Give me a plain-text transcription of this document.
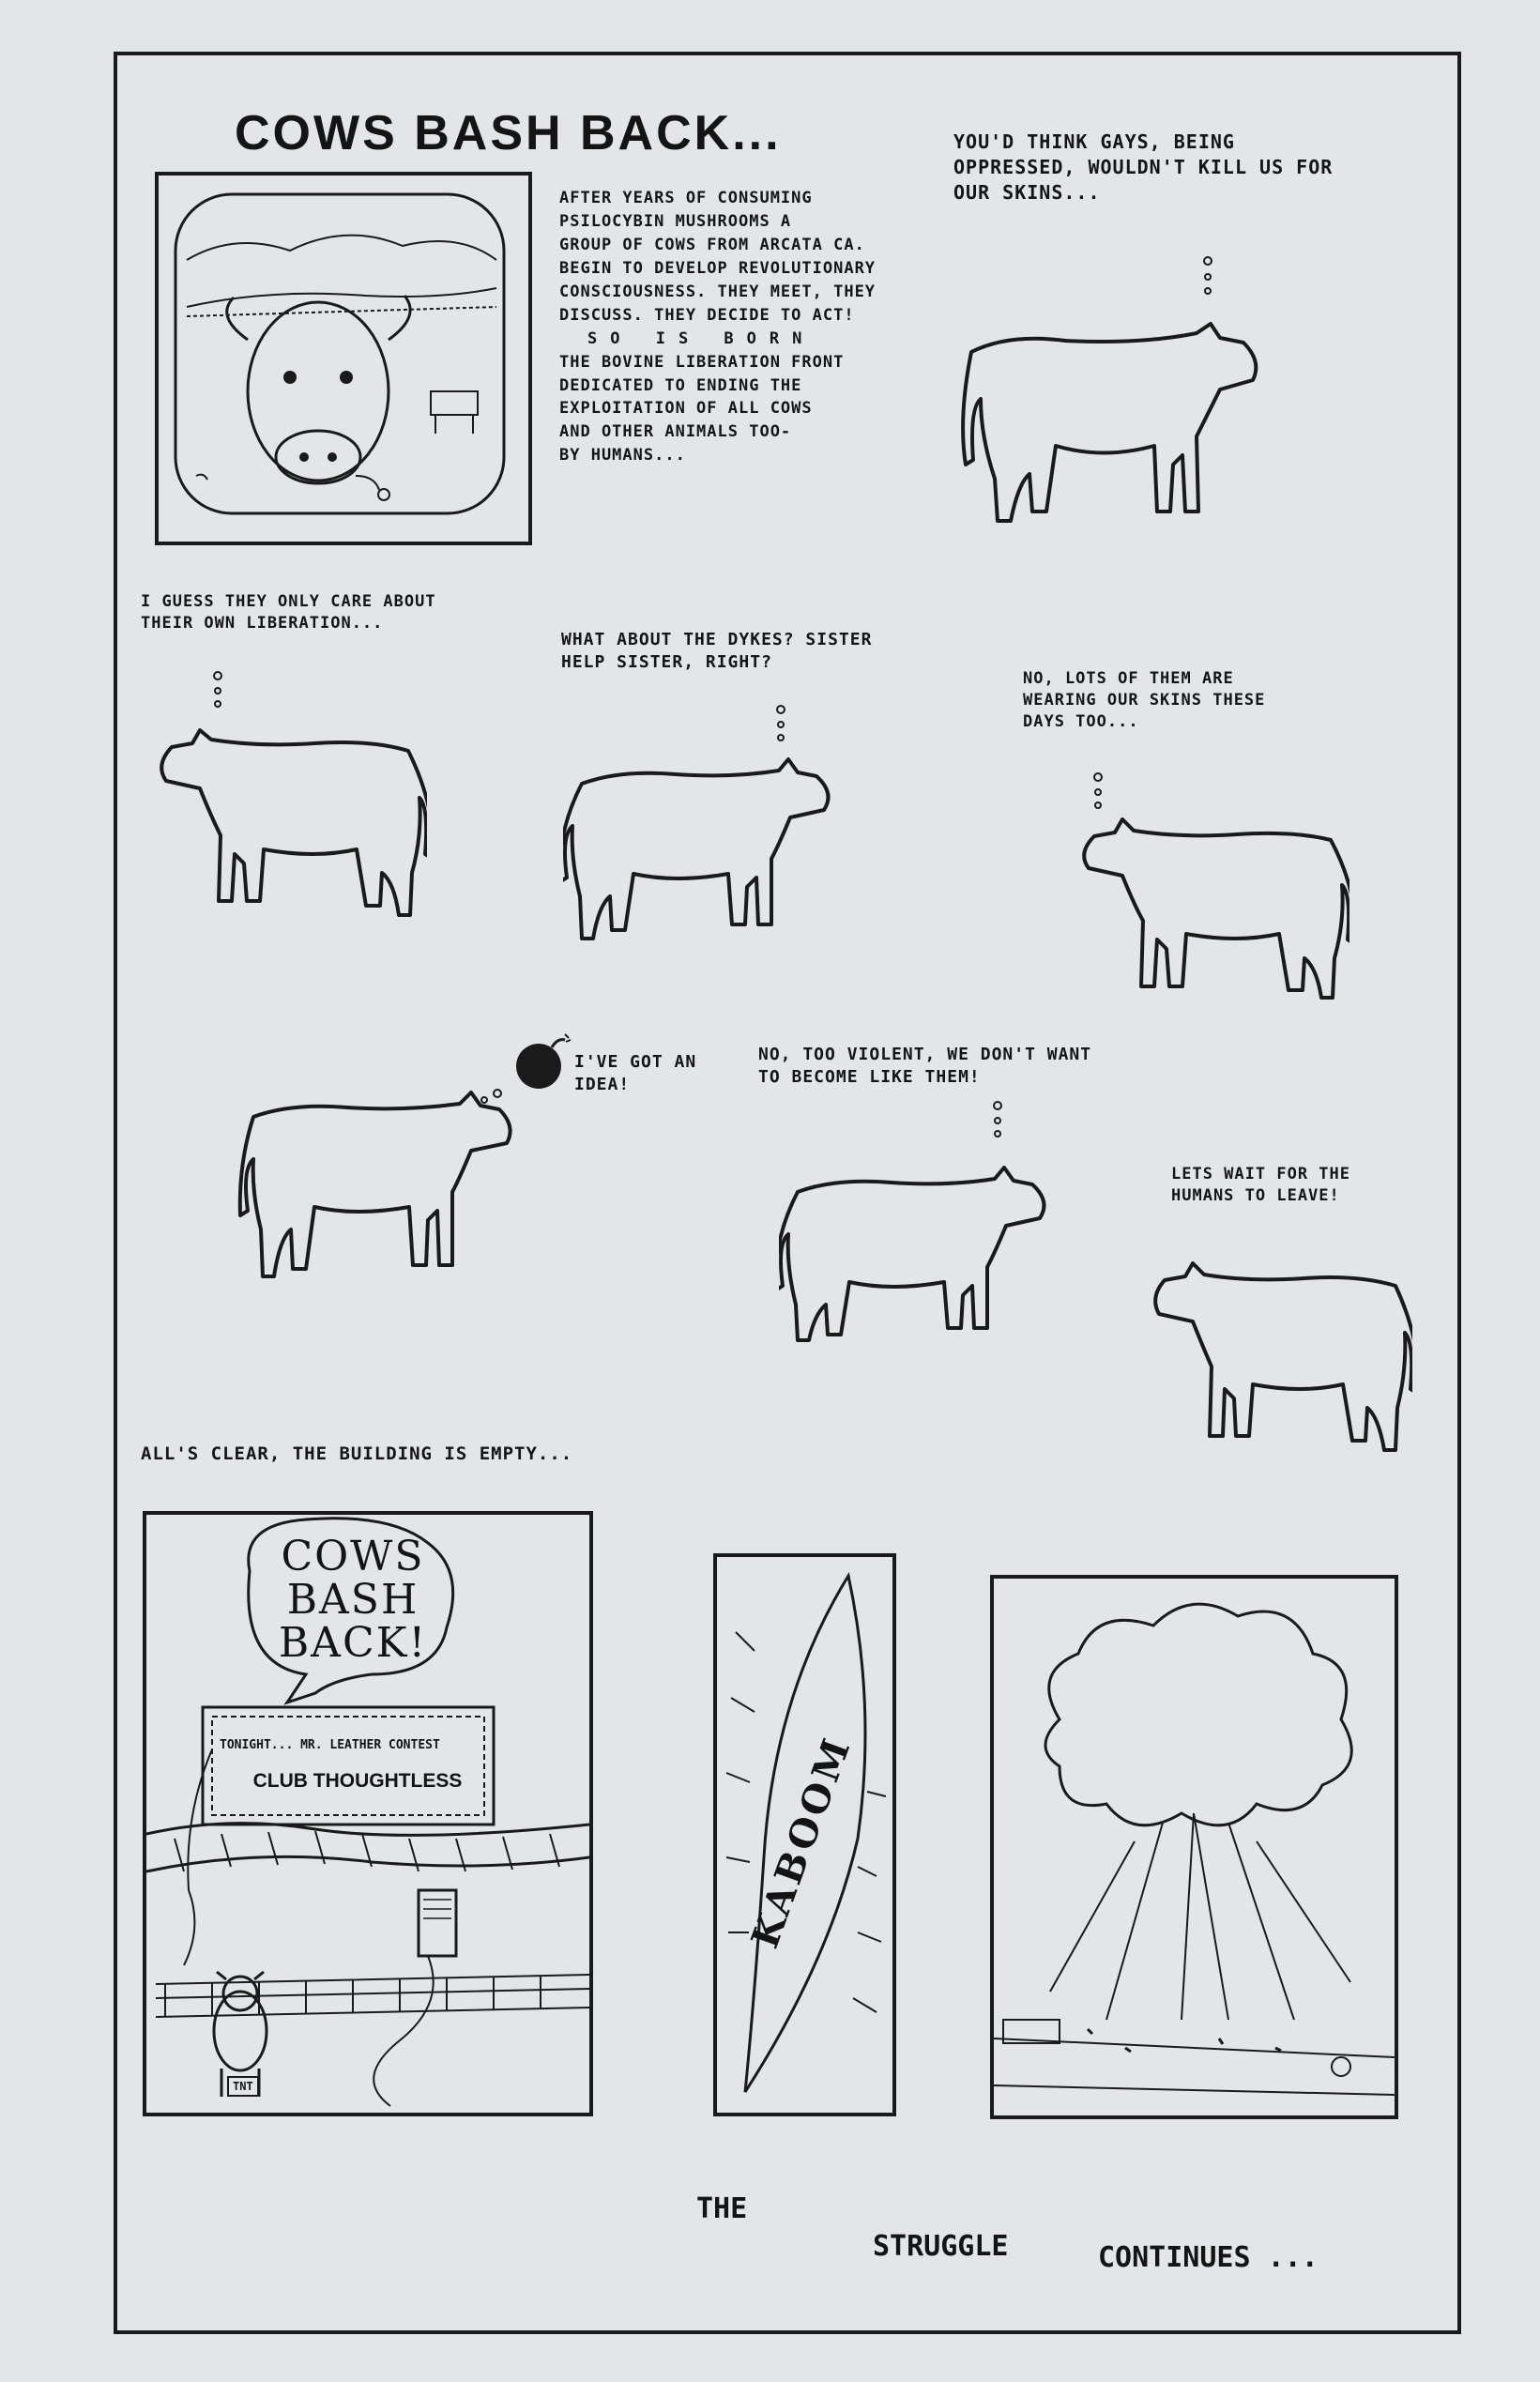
COWS BASH BACK...

AFTER YEARS OF CONSUMING

PSILOCYBIN MUSHROOMS A

GROUP OF COWS FROM ARCATA CA.

BEGIN TO DEVELOP REVOLUTIONARY

CONSCIOUSNESS. THEY MEET, THEY

DISCUSS. THEY DECIDE TO ACT!

SO IS BORN

THE BOVINE LIBERATION FRONT

DEDICATED TO ENDING THE

EXPLOITATION OF ALL COWS

AND OTHER ANIMALS TOO-

BY HUMANS...

YOU'D THINK GAYS, BEING OPPRESSED, WOULDN'T KILL US FOR OUR SKINS...
I GUESS THEY ONLY CARE ABOUT THEIR OWN LIBERATION...
WHAT ABOUT THE DYKES? SISTER HELP SISTER, RIGHT?
NO, LOTS OF THEM ARE WEARING OUR SKINS THESE DAYS TOO...
I'VE GOT AN IDEA!
NO, TOO VIOLENT, WE DON'T WANT TO BECOME LIKE THEM!
LETS WAIT FOR THE HUMANS TO LEAVE!
ALL'S CLEAR, THE BUILDING IS EMPTY...
COWS BASH BACK!
TONIGHT... MR. LEATHER CONTEST
CLUB THOUGHTLESS
TNT
KABOOM
THE
STRUGGLE	CONTINUES ...
